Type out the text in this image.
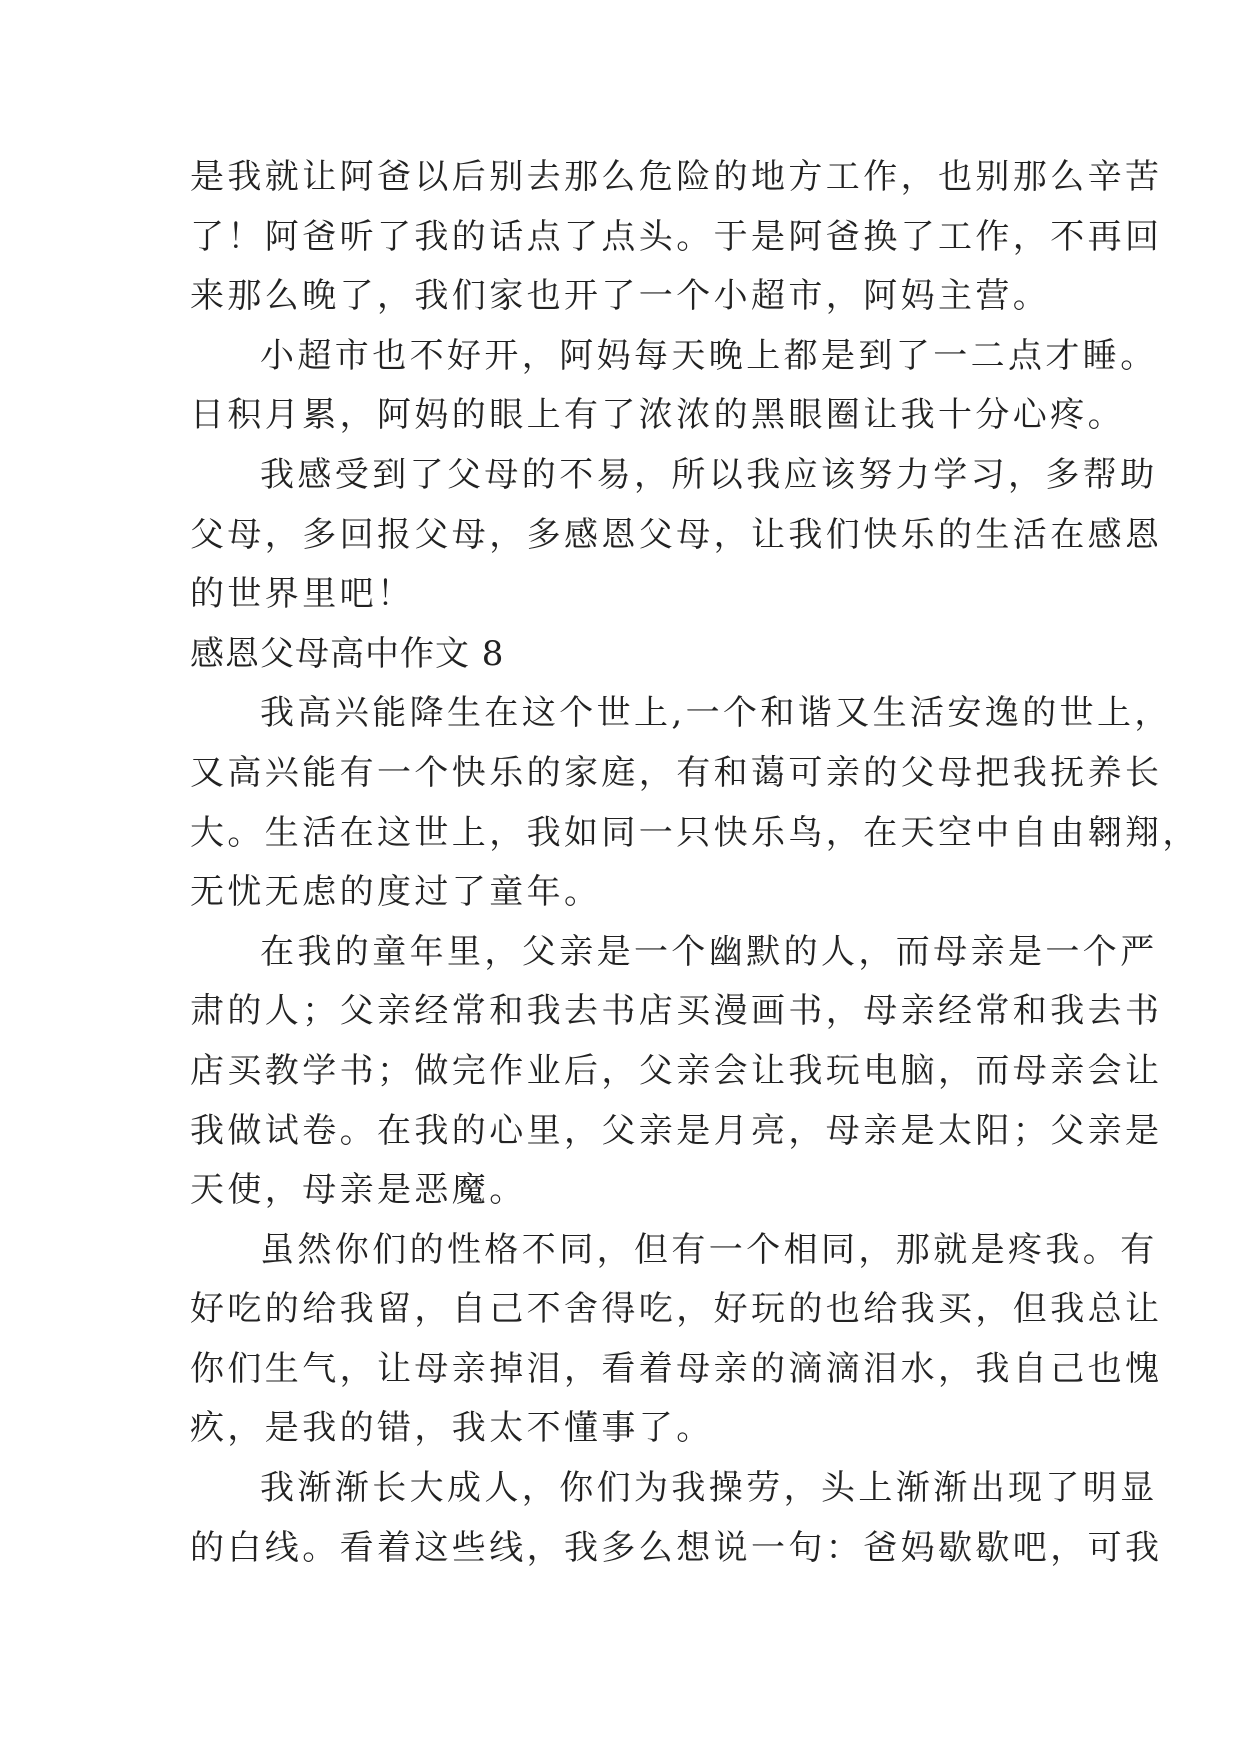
是我就让阿爸以后别去那么危险的地方工作，也别那么辛苦
了！阿爸听了我的话点了点头。于是阿爸换了工作，不再回
来那么晚了，我们家也开了一个小超市，阿妈主营。
小超市也不好开，阿妈每天晚上都是到了一二点才睡。
日积月累，阿妈的眼上有了浓浓的黑眼圈让我十分心疼。
我感受到了父母的不易，所以我应该努力学习，多帮助
父母，多回报父母，多感恩父母，让我们快乐的生活在感恩
的世界里吧！
感恩父母高中作文 8
我高兴能降生在这个世上,一个和谐又生活安逸的世上，
又高兴能有一个快乐的家庭，有和蔼可亲的父母把我抚养长
大。生活在这世上，我如同一只快乐鸟，在天空中自由翱翔，
无忧无虑的度过了童年。
在我的童年里，父亲是一个幽默的人，而母亲是一个严
肃的人；父亲经常和我去书店买漫画书，母亲经常和我去书
店买教学书；做完作业后，父亲会让我玩电脑，而母亲会让
我做试卷。在我的心里，父亲是月亮，母亲是太阳；父亲是
天使，母亲是恶魔。
虽然你们的性格不同，但有一个相同，那就是疼我。有
好吃的给我留，自己不舍得吃，好玩的也给我买，但我总让
你们生气，让母亲掉泪，看着母亲的滴滴泪水，我自己也愧
疚，是我的错，我太不懂事了。
我渐渐长大成人，你们为我操劳，头上渐渐出现了明显
的白线。看着这些线，我多么想说一句：爸妈歇歇吧，可我
